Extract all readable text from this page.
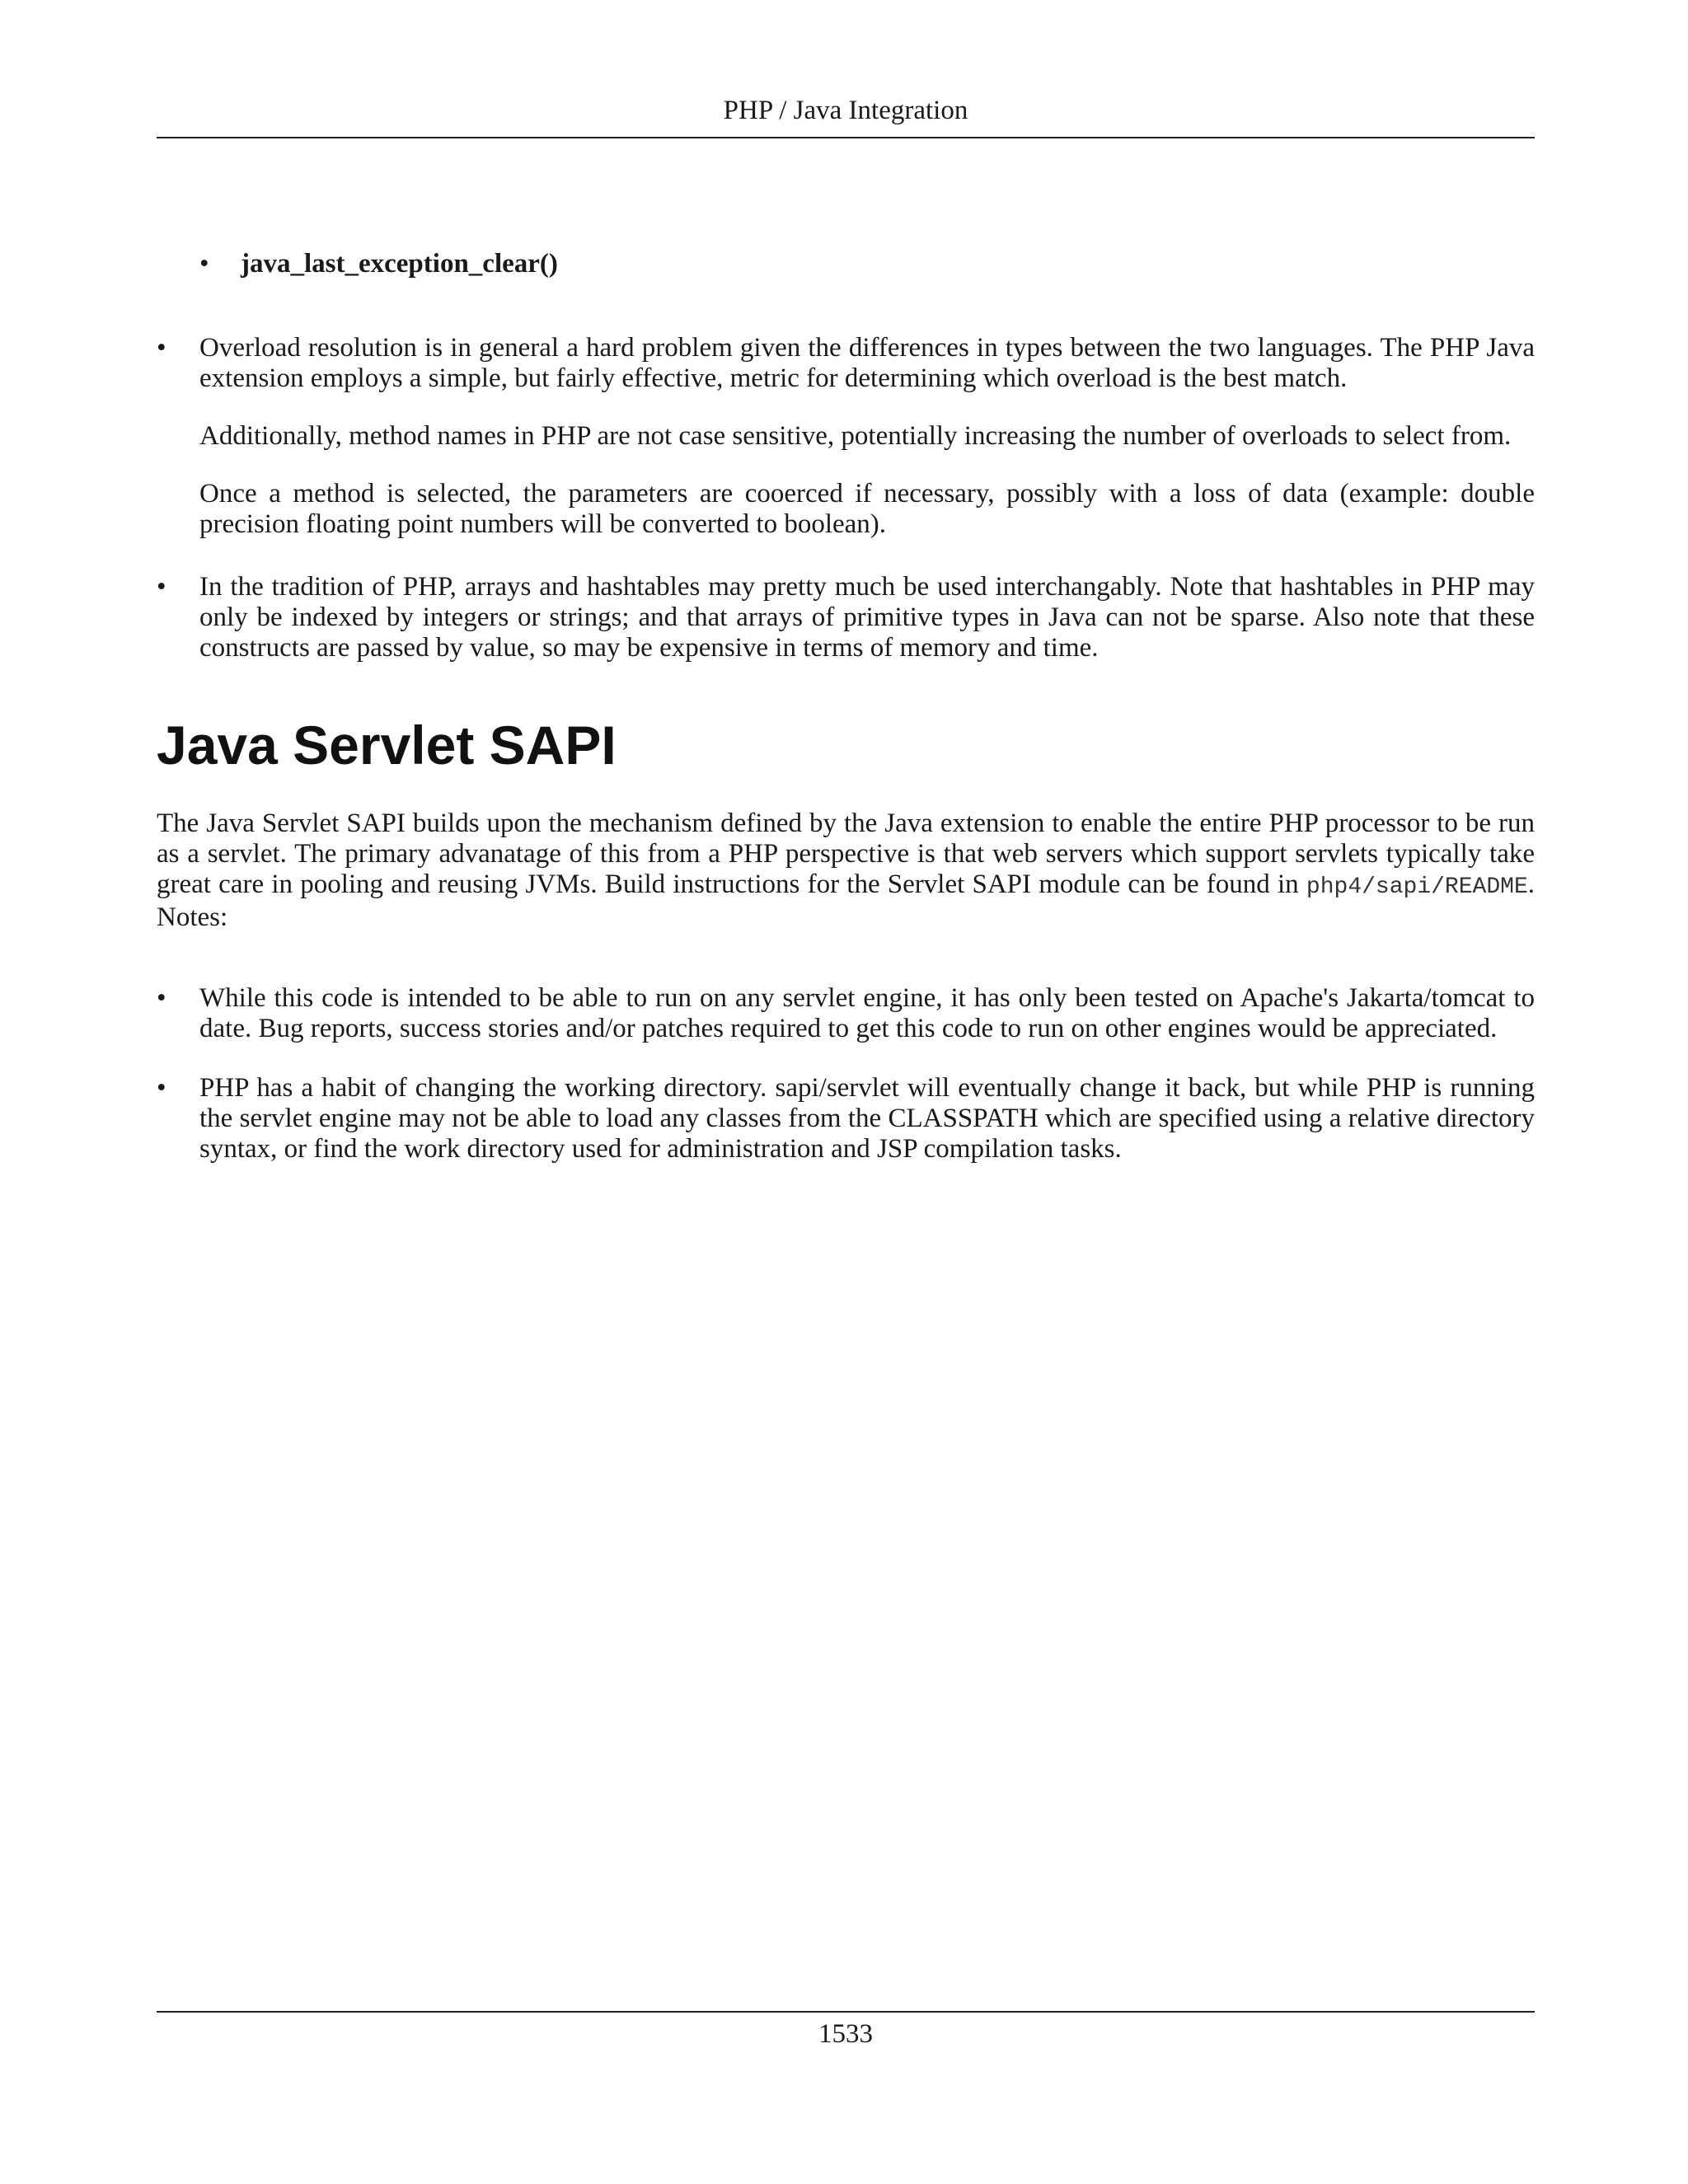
PHP / Java Integration
•	java_last_exception_clear()
•	Overload resolution is in general a hard problem given the differences in types between the two languages. The PHP Java extension employs a simple, but fairly effective, metric for determining which overload is the best match.

Additionally, method names in PHP are not case sensitive, potentially increasing the number of overloads to select from.

Once a method is selected, the parameters are cooerced if necessary, possibly with a loss of data (example: double precision floating point numbers will be converted to boolean).

•	In the tradition of PHP, arrays and hashtables may pretty much be used interchangably. Note that hashtables in PHP may only be indexed by integers or strings; and that arrays of primitive types in Java can not be sparse. Also note that these constructs are passed by value, so may be expensive in terms of memory and time.

Java Servlet SAPI

The Java Servlet SAPI builds upon the mechanism defined by the Java extension to enable the entire PHP processor to be run as a servlet. The primary advanatage of this from a PHP perspective is that web servers which support servlets typically take great care in pooling and reusing JVMs. Build instructions for the Servlet SAPI module can be found in php4/sapi/README. Notes:

•	While this code is intended to be able to run on any servlet engine, it has only been tested on Apache's Jakarta/tomcat to date. Bug reports, success stories and/or patches required to get this code to run on other engines would be appreciated.

•	PHP has a habit of changing the working directory. sapi/servlet will eventually change it back, but while PHP is running the servlet engine may not be able to load any classes from the CLASSPATH which are specified using a relative directory syntax, or find the work directory used for administration and JSP compilation tasks.

1533
